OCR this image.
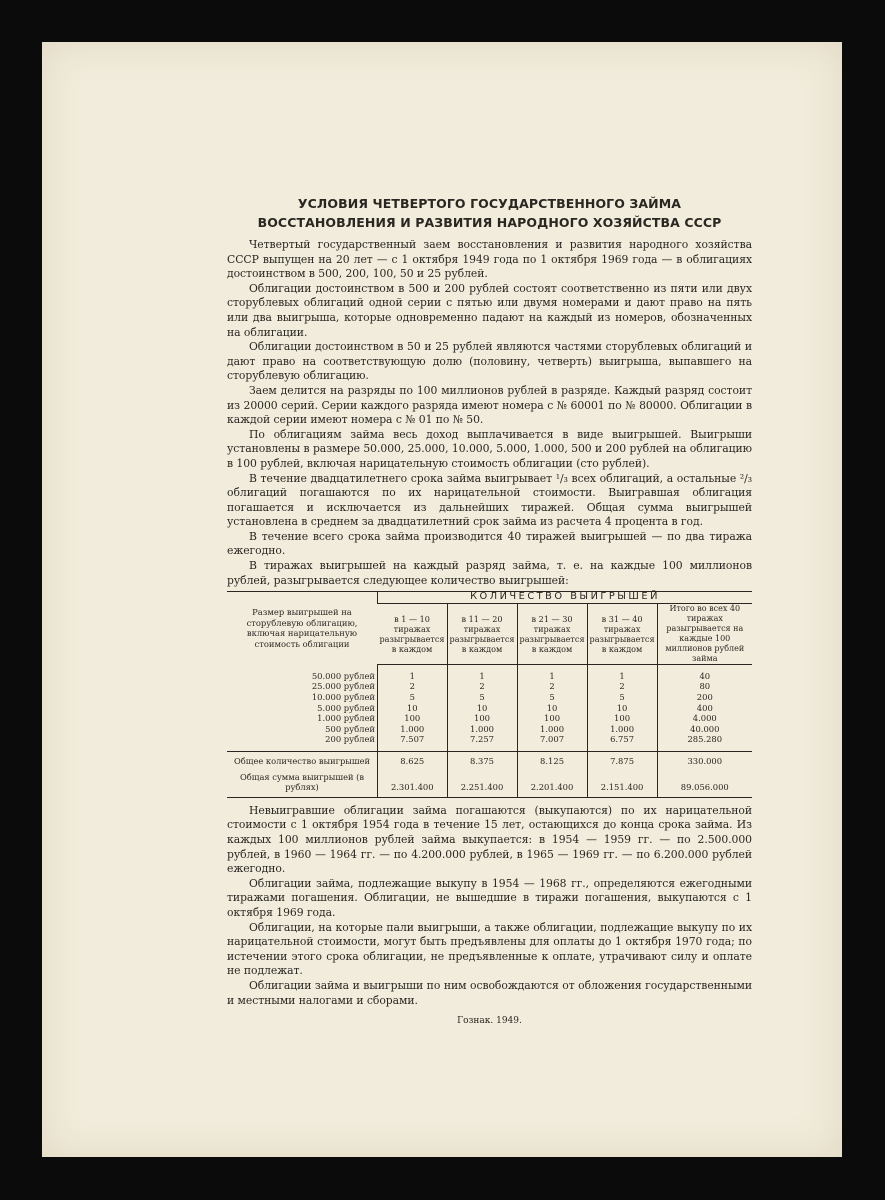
УСЛОВИЯ ЧЕТВЕРТОГО ГОСУДАРСТВЕННОГО ЗАЙМА
ВОССТАНОВЛЕНИЯ И РАЗВИТИЯ НАРОДНОГО ХОЗЯЙСТВА СССР

Четвертый государственный заем восстановления и развития народного хозяйства СССР выпущен на 20 лет — с 1 октября 1949 года по 1 октября 1969 года — в облигациях достоинством в 500, 200, 100, 50 и 25 рублей.

Облигации достоинством в 500 и 200 рублей состоят соответственно из пяти или двух сторублевых облигаций одной серии с пятью или двумя номерами и дают право на пять или два выигрыша, которые одновременно падают на каждый из номеров, обозначенных на облигации.

Облигации достоинством в 50 и 25 рублей являются частями сторублевых облигаций и дают право на соответствующую долю (половину, четверть) выигрыша, выпавшего на сторублевую облигацию.

Заем делится на разряды по 100 миллионов рублей в разряде. Каждый разряд состоит из 20000 серий. Серии каждого разряда имеют номера с № 60001 по № 80000. Облигации в каждой серии имеют номера с № 01 по № 50.

По облигациям займа весь доход выплачивается в виде выигрышей. Выигрыши установлены в размере 50.000, 25.000, 10.000, 5.000, 1.000, 500 и 200 рублей на облигацию в 100 рублей, включая нарицательную стоимость облигации (сто рублей).

В течение двадцатилетнего срока займа выигрывает ¹/₃ всех облигаций, а остальные ²/₃ облигаций погашаются по их нарицательной стоимости. Выигравшая облигация погашается и исключается из дальнейших тиражей. Общая сумма выигрышей установлена в среднем за двадцатилетний срок займа из расчета 4 процента в год.

В течение всего срока займа производится 40 тиражей выигрышей — по два тиража ежегодно.

В тиражах выигрышей на каждый разряд займа, т. е. на каждые 100 миллионов рублей, разыгрывается следующее количество выигрышей:

Размер выигрышей на сторублевую облигацию, включая нарицательную стоимость облигации	КОЛИЧЕСТВО ВЫИГРЫШЕЙ				
	в 1 — 10 тиражах разыгрывается в каждом	в 11 — 20 тиражах разыгрывается в каждом	в 21 — 30 тиражах разыгрывается в каждом	в 31 — 40 тиражах разыгрывается в каждом	Итого во всех 40 тиражах разыгрывается на каждые 100 миллионов рублей займа
50.000 рублей	1	1	1	1	40
25.000 рублей	2	2	2	2	80
10.000 рублей	5	5	5	5	200
5.000 рублей	10	10	10	10	400
1.000 рублей	100	100	100	100	4.000
500 рублей	1.000	1.000	1.000	1.000	40.000
200 рублей	7.507	7.257	7.007	6.757	285.280
Общее количество выигрышей	8.625	8.375	8.125	7.875	330.000
Общая сумма выигрышей (в рублях)	2.301.400	2.251.400	2.201.400	2.151.400	89.056.000

Невыигравшие облигации займа погашаются (выкупаются) по их нарицательной стоимости с 1 октября 1954 года в течение 15 лет, остающихся до конца срока займа. Из каждых 100 миллионов рублей займа выкупается: в 1954 — 1959 гг. — по 2.500.000 рублей, в 1960 — 1964 гг. — по 4.200.000 рублей, в 1965 — 1969 гг. — по 6.200.000 рублей ежегодно.

Облигации займа, подлежащие выкупу в 1954 — 1968 гг., определяются ежегодными тиражами погашения. Облигации, не вышедшие в тиражи погашения, выкупаются с 1 октября 1969 года.

Облигации, на которые пали выигрыши, а также облигации, подлежащие выкупу по их нарицательной стоимости, могут быть предъявлены для оплаты до 1 октября 1970 года; по истечении этого срока облигации, не предъявленные к оплате, утрачивают силу и оплате не подлежат.

Облигации займа и выигрыши по ним освобождаются от обложения государственными и местными налогами и сборами.

Гознак. 1949.
